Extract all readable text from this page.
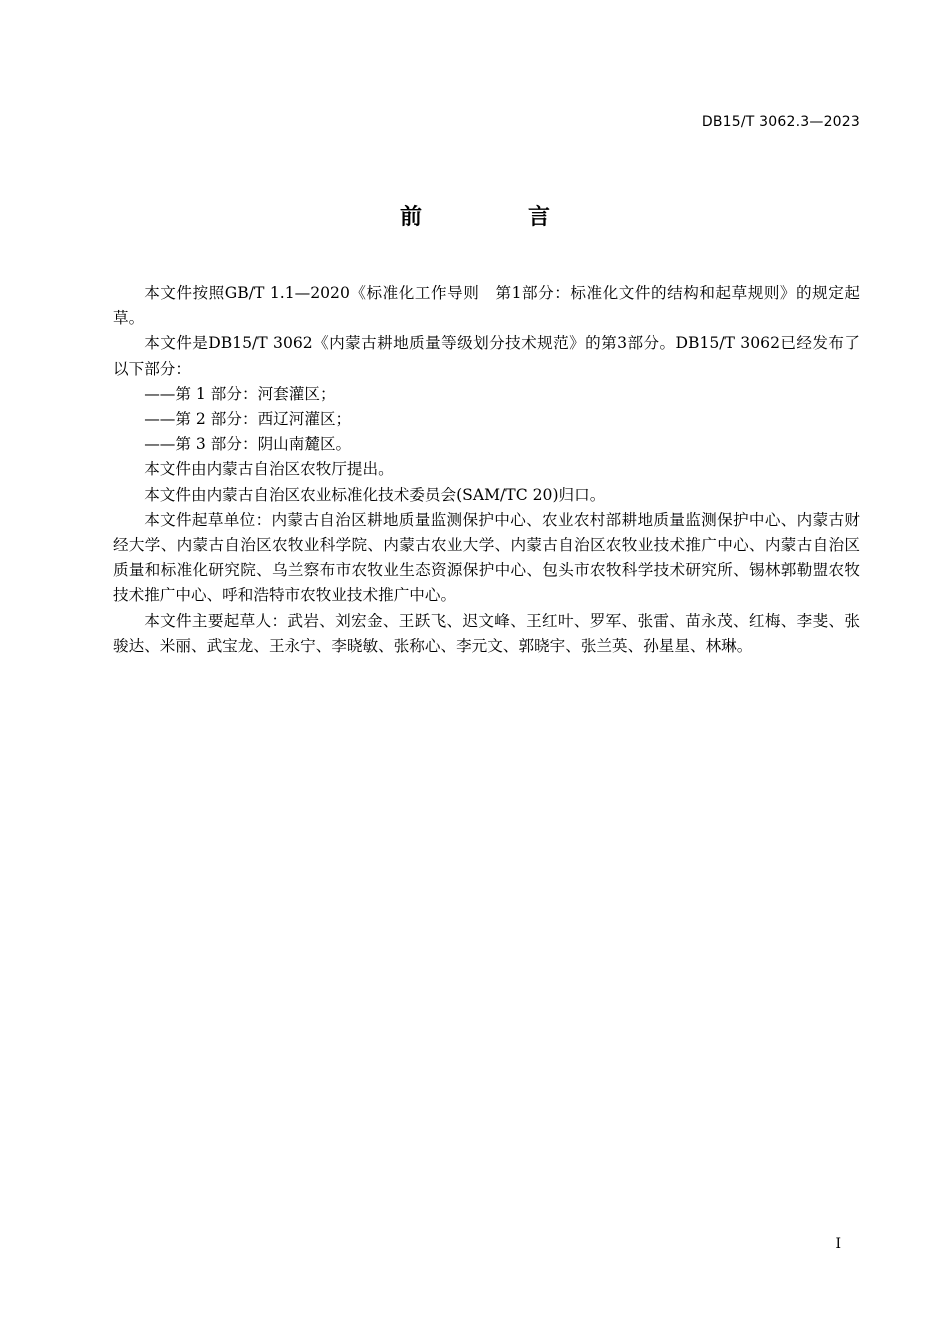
DB15/T 3062.3—2023
前　言

本文件按照GB/T 1.1—2020《标准化工作导则　第1部分：标准化文件的结构和起草规则》的规定起草。

本文件是DB15/T 3062《内蒙古耕地质量等级划分技术规范》的第3部分。DB15/T 3062已经发布了以下部分：

——第 1 部分：河套灌区；

——第 2 部分：西辽河灌区；

——第 3 部分：阴山南麓区。

本文件由内蒙古自治区农牧厅提出。

本文件由内蒙古自治区农业标准化技术委员会(SAM/TC 20)归口。

本文件起草单位：内蒙古自治区耕地质量监测保护中心、农业农村部耕地质量监测保护中心、内蒙古财经大学、内蒙古自治区农牧业科学院、内蒙古农业大学、内蒙古自治区农牧业技术推广中心、内蒙古自治区质量和标准化研究院、乌兰察布市农牧业生态资源保护中心、包头市农牧科学技术研究所、锡林郭勒盟农牧技术推广中心、呼和浩特市农牧业技术推广中心。

本文件主要起草人：武岩、刘宏金、王跃飞、迟文峰、王红叶、罗军、张雷、苗永茂、红梅、李斐、张骏达、米丽、武宝龙、王永宁、李晓敏、张称心、李元文、郭晓宇、张兰英、孙星星、林琳。

I
